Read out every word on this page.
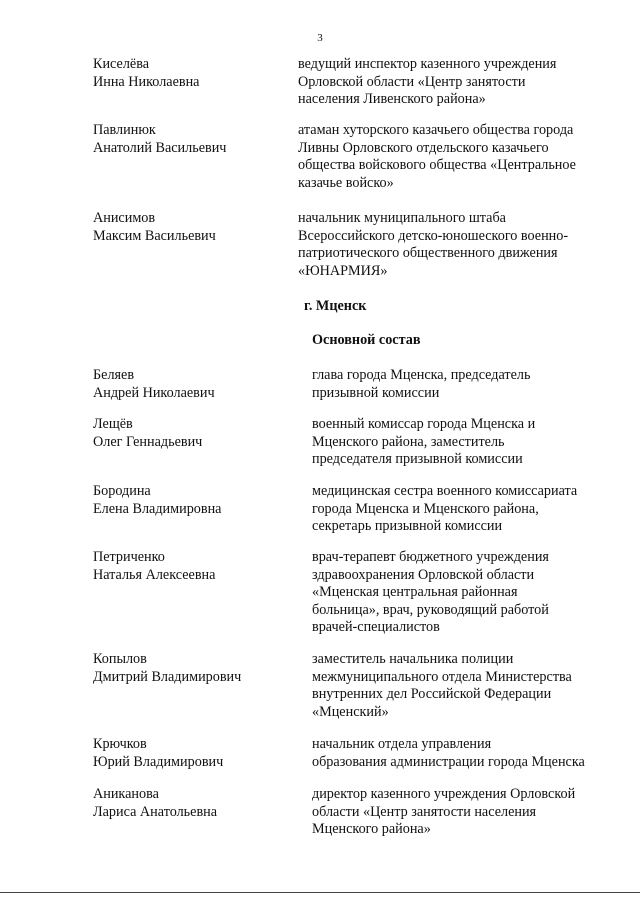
3
Киселёва
Инна Николаевна
ведущий инспектор казенного учреждения
Орловской области «Центр занятости
населения Ливенского района»
Павлинюк
Анатолий Васильевич
атаман хуторского казачьего общества города
Ливны Орловского отдельского казачьего
общества войскового общества «Центральное
казачье войско»
Анисимов
Максим Васильевич
начальник муниципального штаба
Всероссийского детско-юношеского военно-
патриотического общественного движения
«ЮНАРМИЯ»
г. Мценск
Основной состав
Беляев
Андрей Николаевич
глава города Мценска, председатель
призывной комиссии
Лещёв
Олег Геннадьевич
военный комиссар города Мценска и
Мценского района, заместитель
председателя призывной комиссии
Бородина
Елена Владимировна
медицинская сестра военного комиссариата
города Мценска и Мценского района,
секретарь призывной комиссии
Петриченко
Наталья Алексеевна
врач-терапевт бюджетного учреждения
здравоохранения Орловской области
«Мценская центральная районная
больница», врач, руководящий работой
врачей-специалистов
Копылов
Дмитрий Владимирович
заместитель начальника полиции
межмуниципального отдела Министерства
внутренних дел Российской Федерации
«Мценский»
Крючков
Юрий Владимирович
начальник отдела управления
образования администрации города Мценска
Аниканова
Лариса Анатольевна
директор казенного учреждения Орловской
области «Центр занятости населения
Мценского района»
